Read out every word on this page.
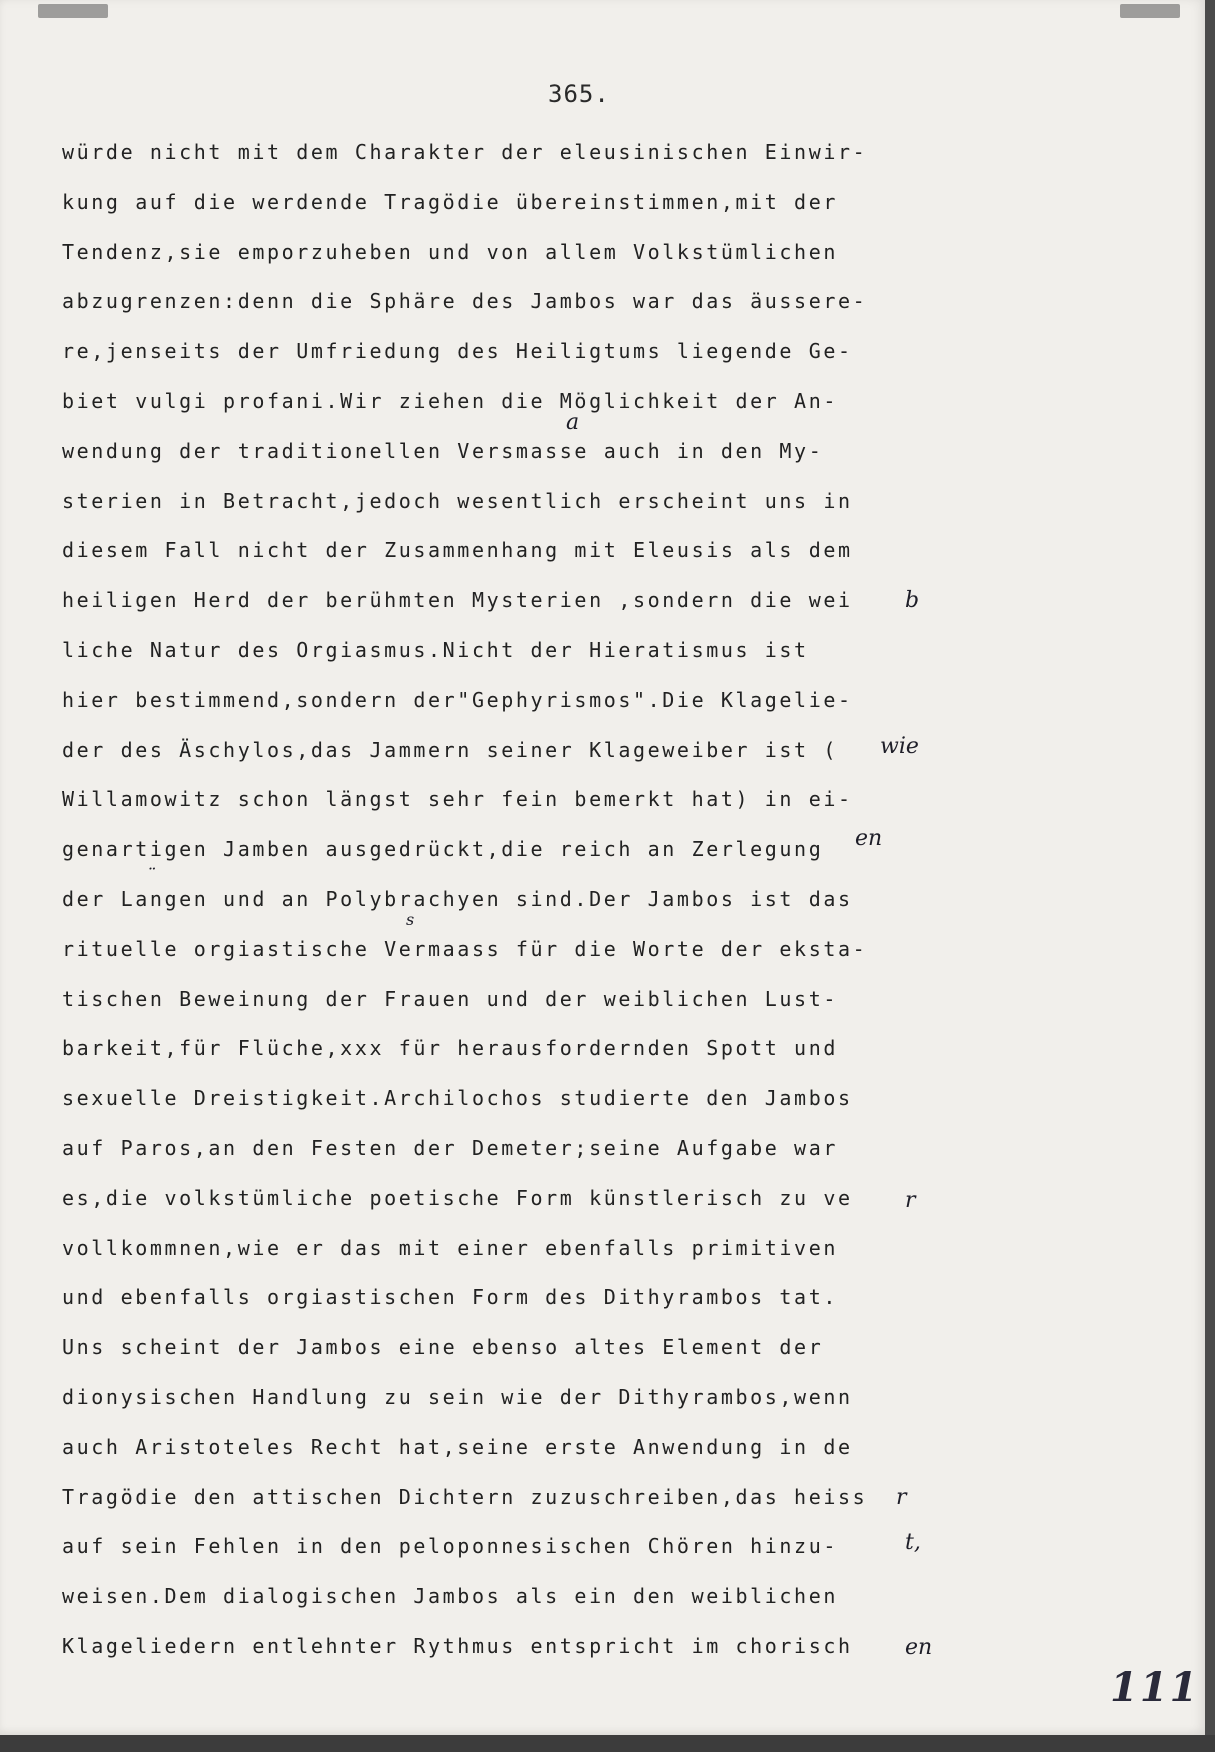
365.
würde nicht mit dem Charakter der eleusinischen Einwir-
kung auf die werdende Tragödie übereinstimmen,mit der
Tendenz,sie emporzuheben und von allem Volkstümlichen
abzugrenzen:denn die Sphäre des Jambos war das äussere-
re,jenseits der Umfriedung des Heiligtums liegende Ge-
biet vulgi profani.Wir ziehen die Möglichkeit der An-
wendung der traditionellen Versmasse auch in den My-
sterien in Betracht,jedoch wesentlich erscheint uns in
diesem Fall nicht der Zusammenhang mit Eleusis als dem
heiligen Herd der berühmten Mysterien ,sondern die wei
liche Natur des Orgiasmus.Nicht der Hieratismus ist
hier bestimmend,sondern der"Gephyrismos".Die Klagelie-
der des Äschylos,das Jammern seiner Klageweiber ist (
Willamowitz schon längst sehr fein bemerkt hat) in ei-
genartigen Jamben ausgedrückt,die reich an Zerlegung
der Langen und an Polybrachyen sind.Der Jambos ist das
rituelle orgiastische Vermaass für die Worte der eksta-
tischen Beweinung der Frauen und der weiblichen Lust-
barkeit,für Flüche,xxx für herausfordernden Spott und
sexuelle Dreistigkeit.Archilochos studierte den Jambos
auf Paros,an den Festen der Demeter;seine Aufgabe war
es,die volkstümliche poetische Form künstlerisch zu ve
vollkommnen,wie er das mit einer ebenfalls primitiven
und ebenfalls orgiastischen Form des Dithyrambos tat.
Uns scheint der Jambos eine ebenso altes Element der
dionysischen Handlung zu sein wie der Dithyrambos,wenn
auch Aristoteles Recht hat,seine erste Anwendung in de
Tragödie den attischen Dichtern zuzuschreiben,das heiss
auf sein Fehlen in den peloponnesischen Chören hinzu-
weisen.Dem dialogischen Jambos als ein den weiblichen
Klageliedern entlehnter Rythmus entspricht im chorisch
a
b
wie
en
¨
s
r
r
t,
en
111
